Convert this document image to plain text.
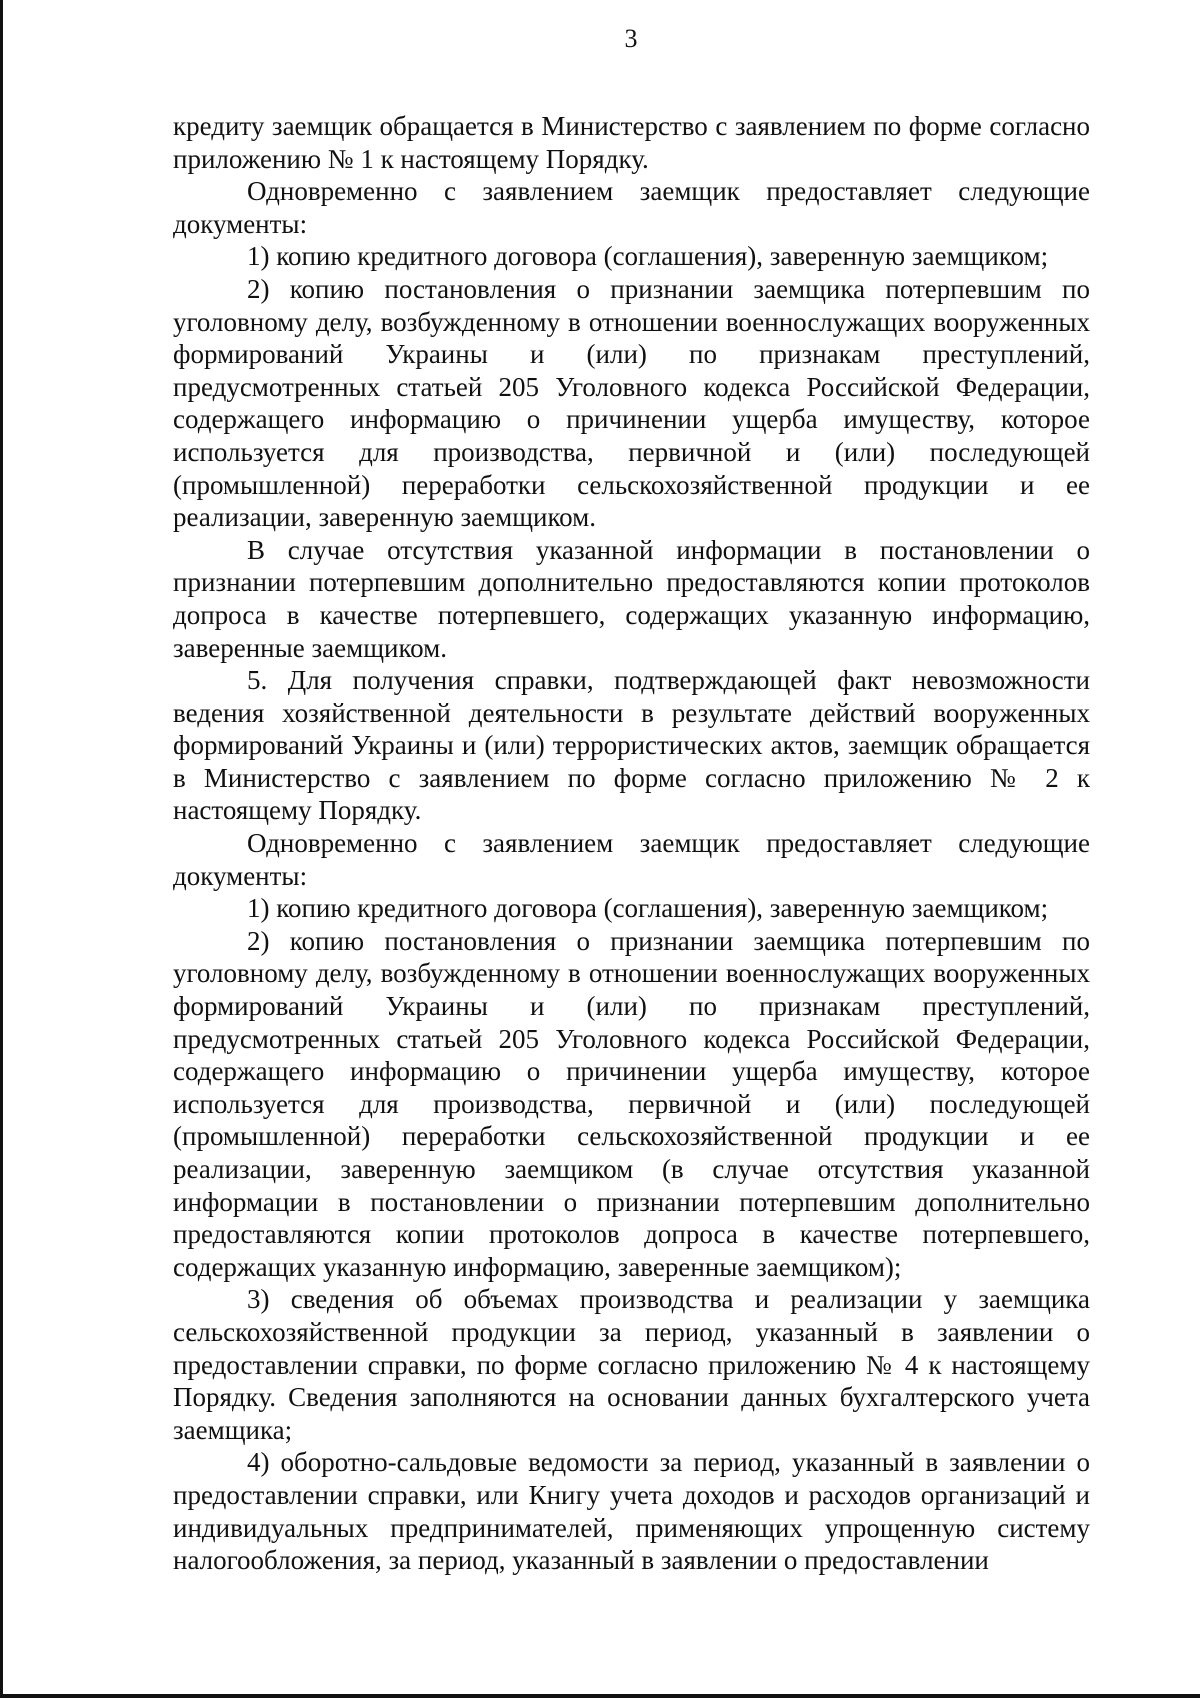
3

кредиту заемщик обращается в Министерство с заявлением по форме согласно приложению № 1 к настоящему Порядку.

Одновременно с заявлением заемщик предоставляет следующие документы:

1) копию кредитного договора (соглашения), заверенную заемщиком;

2) копию постановления о признании заемщика потерпевшим по уголовному делу, возбужденному в отношении военнослужащих вооруженных формирований Украины и (или) по признакам преступлений, предусмотренных статьей 205 Уголовного кодекса Российской Федерации, содержащего информацию о причинении ущерба имуществу, которое используется для производства, первичной и (или) последующей (промышленной) переработки сельскохозяйственной продукции и ее реализации, заверенную заемщиком.

В случае отсутствия указанной информации в постановлении о признании потерпевшим дополнительно предоставляются копии протоколов допроса в качестве потерпевшего, содержащих указанную информацию, заверенные заемщиком.

5. Для получения справки, подтверждающей факт невозможности ведения хозяйственной деятельности в результате действий вооруженных формирований Украины и (или) террористических актов, заемщик обращается в Министерство с заявлением по форме согласно приложению № 2 к настоящему Порядку.

Одновременно с заявлением заемщик предоставляет следующие документы:

1) копию кредитного договора (соглашения), заверенную заемщиком;

2) копию постановления о признании заемщика потерпевшим по уголовному делу, возбужденному в отношении военнослужащих вооруженных формирований Украины и (или) по признакам преступлений, предусмотренных статьей 205 Уголовного кодекса Российской Федерации, содержащего информацию о причинении ущерба имуществу, которое используется для производства, первичной и (или) последующей (промышленной) переработки сельскохозяйственной продукции и ее реализации, заверенную заемщиком (в случае отсутствия указанной информации в постановлении о признании потерпевшим дополнительно предоставляются копии протоколов допроса в качестве потерпевшего, содержащих указанную информацию, заверенные заемщиком);

3) сведения об объемах производства и реализации у заемщика сельскохозяйственной продукции за период, указанный в заявлении о предоставлении справки, по форме согласно приложению № 4 к настоящему Порядку. Сведения заполняются на основании данных бухгалтерского учета заемщика;

4) оборотно-сальдовые ведомости за период, указанный в заявлении о предоставлении справки, или Книгу учета доходов и расходов организаций и индивидуальных предпринимателей, применяющих упрощенную систему налогообложения, за период, указанный в заявлении о предоставлении
